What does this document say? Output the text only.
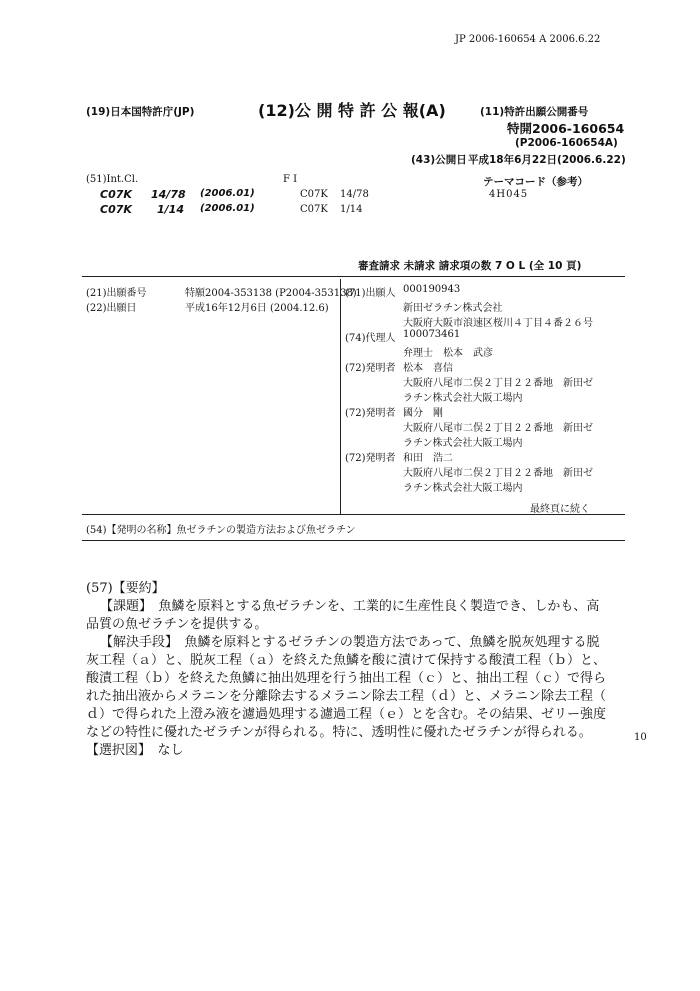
JP 2006-160654 A 2006.6.22
(19)日本国特許庁(JP)	(12)公 開 特 許 公 報(A)	(11)特許出願公開番号
特開2006-160654
(P2006-160654A)
(43)公開日 平成18年6月22日(2006.6.22)
(51)Int.Cl.	F I	テーマコード（参考）
C07K 14/78 (2006.01)	C07K 14/78	4H045
C07K 1/14 (2006.01)	C07K 1/14
審査請求 未請求 請求項の数 7 O L (全 10 頁)
(21)出願番号	特願2004-353138 (P2004-353138)
(22)出願日	平成16年12月6日 (2004.12.6)
(71)出願人 000190943
新田ゼラチン株式会社
大阪府大阪市浪速区桜川４丁目４番２６号
(74)代理人 100073461
弁理士　松本　武彦
(72)発明者 松本　喜信
大阪府八尾市二俣２丁目２２番地　新田ゼ
ラチン株式会社大阪工場内
(72)発明者 國分　剛
大阪府八尾市二俣２丁目２２番地　新田ゼ
ラチン株式会社大阪工場内
(72)発明者 和田　浩二
大阪府八尾市二俣２丁目２２番地　新田ゼ
ラチン株式会社大阪工場内
最終頁に続く
(54)【発明の名称】魚ゼラチンの製造方法および魚ゼラチン
(57)【要約】
【課題】　魚鱗を原料とする魚ゼラチンを、工業的に生産性良く製造でき、しかも、高
品質の魚ゼラチンを提供する。
【解決手段】　魚鱗を原料とするゼラチンの製造方法であって、魚鱗を脱灰処理する脱
灰工程（ａ）と、脱灰工程（ａ）を終えた魚鱗を酸に漬けて保持する酸漬工程（ｂ）と、
酸漬工程（ｂ）を終えた魚鱗に抽出処理を行う抽出工程（ｃ）と、抽出工程（ｃ）で得ら
れた抽出液からメラニンを分離除去するメラニン除去工程（ｄ）と、メラニン除去工程（
ｄ）で得られた上澄み液を濾過処理する濾過工程（ｅ）とを含む。その結果、ゼリー強度
などの特性に優れたゼラチンが得られる。特に、透明性に優れたゼラチンが得られる。
【選択図】　なし
10
